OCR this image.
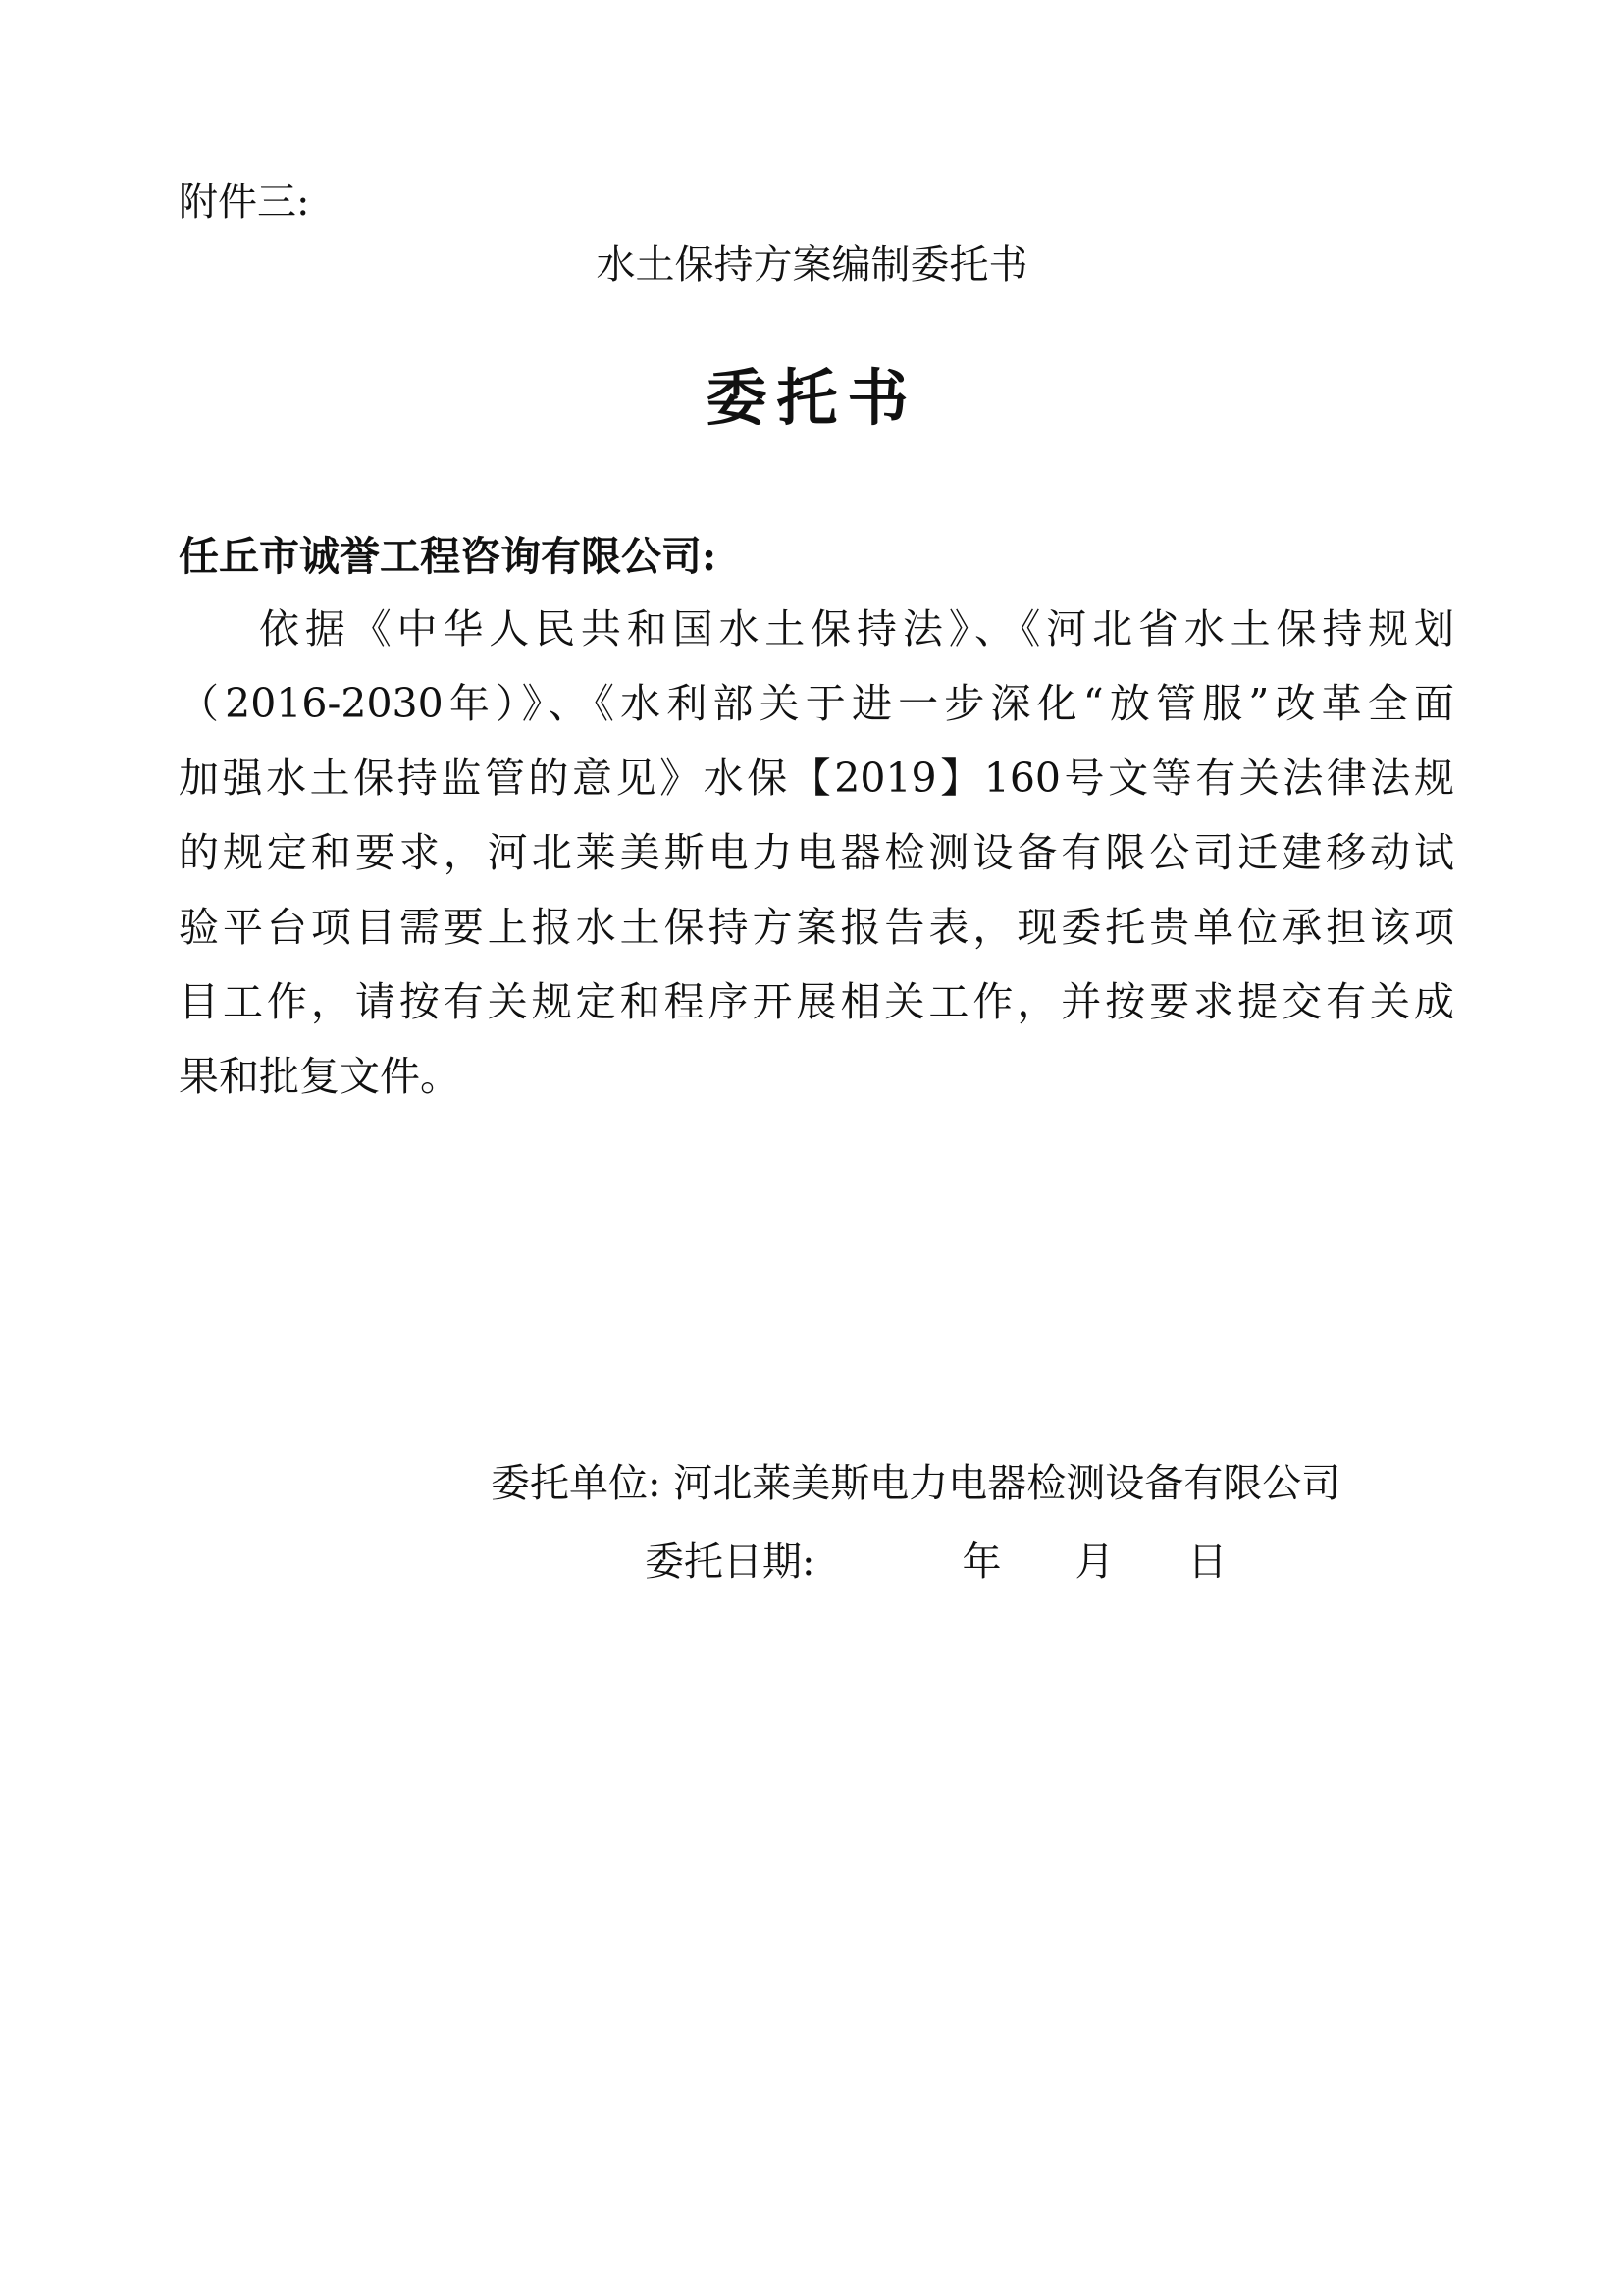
附件三:
水土保持方案编制委托书
委托书
任丘市诚誉工程咨询有限公司:
依据《中华人民共和国水土保持法》、《河北省水土保持规划
（2016-2030年）》、《水利部关于进一步深化“放管服”改革全面
加强水土保持监管的意见》水保【2019】160号文等有关法律法规
的规定和要求，河北莱美斯电力电器检测设备有限公司迁建移动试
验平台项目需要上报水土保持方案报告表，现委托贵单位承担该项
目工作，请按有关规定和程序开展相关工作，并按要求提交有关成
果和批复文件。
委托单位: 河北莱美斯电力电器检测设备有限公司
委托日期:	年 月 日
